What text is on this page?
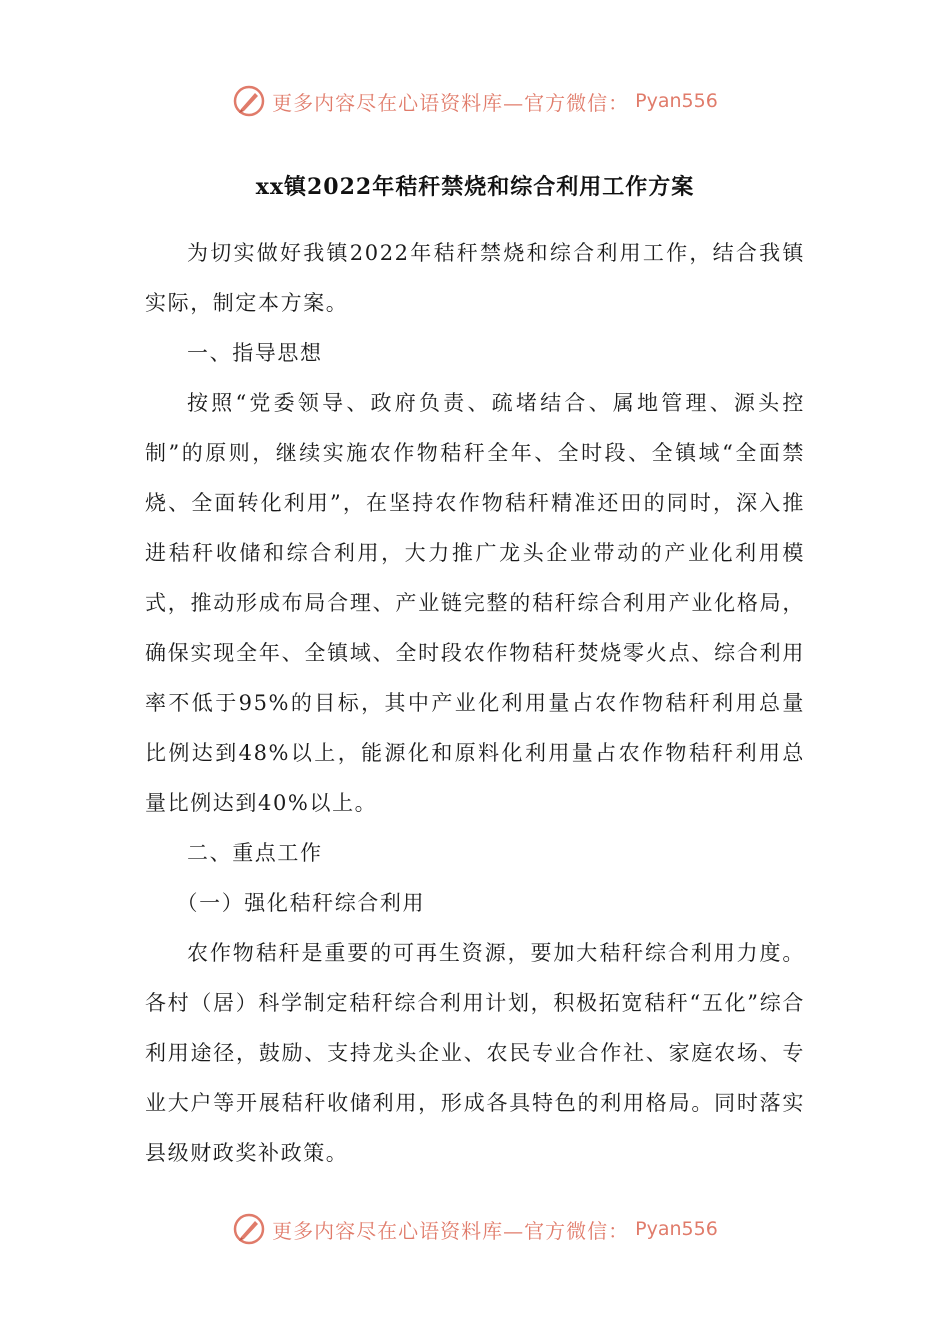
更多内容尽在心语资料库—官方微信： Pyan556
xx镇2022年秸秆禁烧和综合利用工作方案

为切实做好我镇2022年秸秆禁烧和综合利用工作，结合我镇实际，制定本方案。

一、指导思想

按照“党委领导、政府负责、疏堵结合、属地管理、源头控制”的原则，继续实施农作物秸秆全年、全时段、全镇域“全面禁烧、全面转化利用”，在坚持农作物秸秆精准还田的同时，深入推进秸秆收储和综合利用，大力推广龙头企业带动的产业化利用模式，推动形成布局合理、产业链完整的秸秆综合利用产业化格局，确保实现全年、全镇域、全时段农作物秸秆焚烧零火点、综合利用率不低于95%的目标，其中产业化利用量占农作物秸秆利用总量比例达到48%以上，能源化和原料化利用量占农作物秸秆利用总量比例达到40%以上。

二、重点工作

（一）强化秸秆综合利用

农作物秸秆是重要的可再生资源，要加大秸秆综合利用力度。各村（居）科学制定秸秆综合利用计划，积极拓宽秸秆“五化”综合利用途径，鼓励、支持龙头企业、农民专业合作社、家庭农场、专业大户等开展秸秆收储利用，形成各具特色的利用格局。同时落实县级财政奖补政策。

更多内容尽在心语资料库—官方微信： Pyan556
